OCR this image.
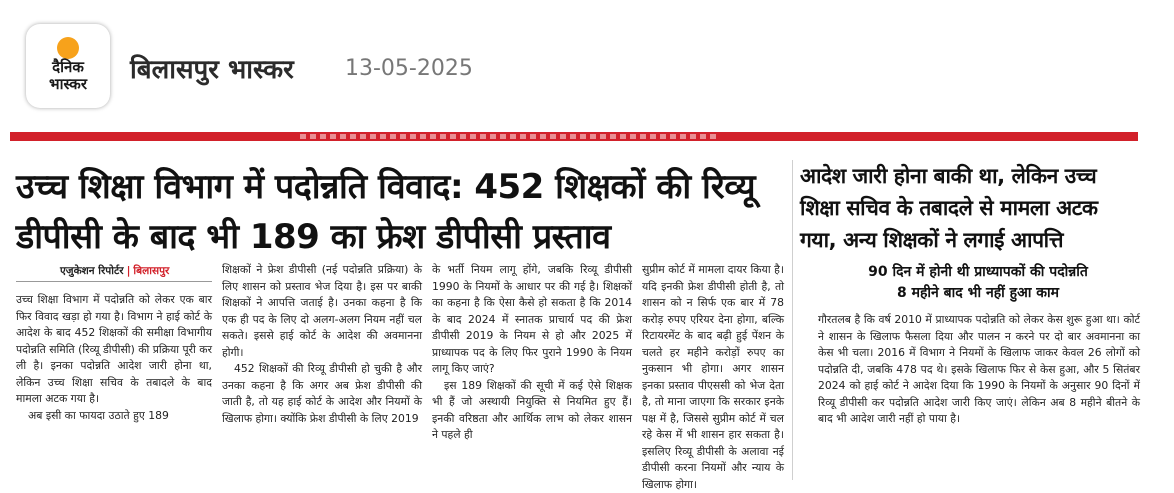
दैनिक
भास्कर	बिलासपुर भास्कर 13-05-2025
उच्च शिक्षा विभाग में पदोन्नति विवाद: 452 शिक्षकों की रिव्यू डीपीसी के बाद भी 189 का फ्रेश डीपीसी प्रस्ताव
आदेश जारी होना बाकी था, लेकिन उच्च शिक्षा सचिव के तबादले से मामला अटक गया, अन्य शिक्षकों ने लगाई आपत्ति
एजुकेशन रिपोर्टर | बिलासपुर

उच्च शिक्षा विभाग में पदोन्नति को लेकर एक बार फिर विवाद खड़ा हो गया है। विभाग ने हाई कोर्ट के आदेश के बाद 452 शिक्षकों की समीक्षा विभागीय पदोन्नति समिति (रिव्यू डीपीसी) की प्रक्रिया पूरी कर ली है। इनका पदोन्नति आदेश जारी होना था, लेकिन उच्च शिक्षा सचिव के तबादले के बाद मामला अटक गया है।

अब इसी का फायदा उठाते हुए 189

शिक्षकों ने फ्रेश डीपीसी (नई पदोन्नति प्रक्रिया) के लिए शासन को प्रस्ताव भेज दिया है। इस पर बाकी शिक्षकों ने आपत्ति जताई है। उनका कहना है कि एक ही पद के लिए दो अलग-अलग नियम नहीं चल सकते। इससे हाई कोर्ट के आदेश की अवमानना होगी।

452 शिक्षकों की रिव्यू डीपीसी हो चुकी है और उनका कहना है कि अगर अब फ्रेश डीपीसी की जाती है, तो यह हाई कोर्ट के आदेश और नियमों के खिलाफ होगा। क्योंकि फ्रेश डीपीसी के लिए 2019

के भर्ती नियम लागू होंगे, जबकि रिव्यू डीपीसी 1990 के नियमों के आधार पर की गई है। शिक्षकों का कहना है कि ऐसा कैसे हो सकता है कि 2014 के बाद 2024 में स्नातक प्राचार्य पद की फ्रेश डीपीसी 2019 के नियम से हो और 2025 में प्राध्यापक पद के लिए फिर पुराने 1990 के नियम लागू किए जाएं?

इस 189 शिक्षकों की सूची में कई ऐसे शिक्षक भी हैं जो अस्थायी नियुक्ति से नियमित हुए हैं। इनकी वरिष्ठता और आर्थिक लाभ को लेकर शासन ने पहले ही

सुप्रीम कोर्ट में मामला दायर किया है। यदि इनकी फ्रेश डीपीसी होती है, तो शासन को न सिर्फ एक बार में 78 करोड़ रुपए एरियर देना होगा, बल्कि रिटायरमेंट के बाद बढ़ी हुई पेंशन के चलते हर महीने करोड़ों रुपए का नुकसान भी होगा। अगर शासन इनका प्रस्ताव पीएससी को भेज देता है, तो माना जाएगा कि सरकार इनके पक्ष में है, जिससे सुप्रीम कोर्ट में चल रहे केस में भी शासन हार सकता है। इसलिए रिव्यू डीपीसी के अलावा नई डीपीसी करना नियमों और न्याय के खिलाफ होगा।

90 दिन में होनी थी प्राध्यापकों की पदोन्नति
8 महीने बाद भी नहीं हुआ काम

गौरतलब है कि वर्ष 2010 में प्राध्यापक पदोन्नति को लेकर केस शुरू हुआ था। कोर्ट ने शासन के खिलाफ फैसला दिया और पालन न करने पर दो बार अवमानना का केस भी चला। 2016 में विभाग ने नियमों के खिलाफ जाकर केवल 26 लोगों को पदोन्नति दी, जबकि 478 पद थे। इसके खिलाफ फिर से केस हुआ, और 5 सितंबर 2024 को हाई कोर्ट ने आदेश दिया कि 1990 के नियमों के अनुसार 90 दिनों में रिव्यू डीपीसी कर पदोन्नति आदेश जारी किए जाएं। लेकिन अब 8 महीने बीतने के बाद भी आदेश जारी नहीं हो पाया है।
